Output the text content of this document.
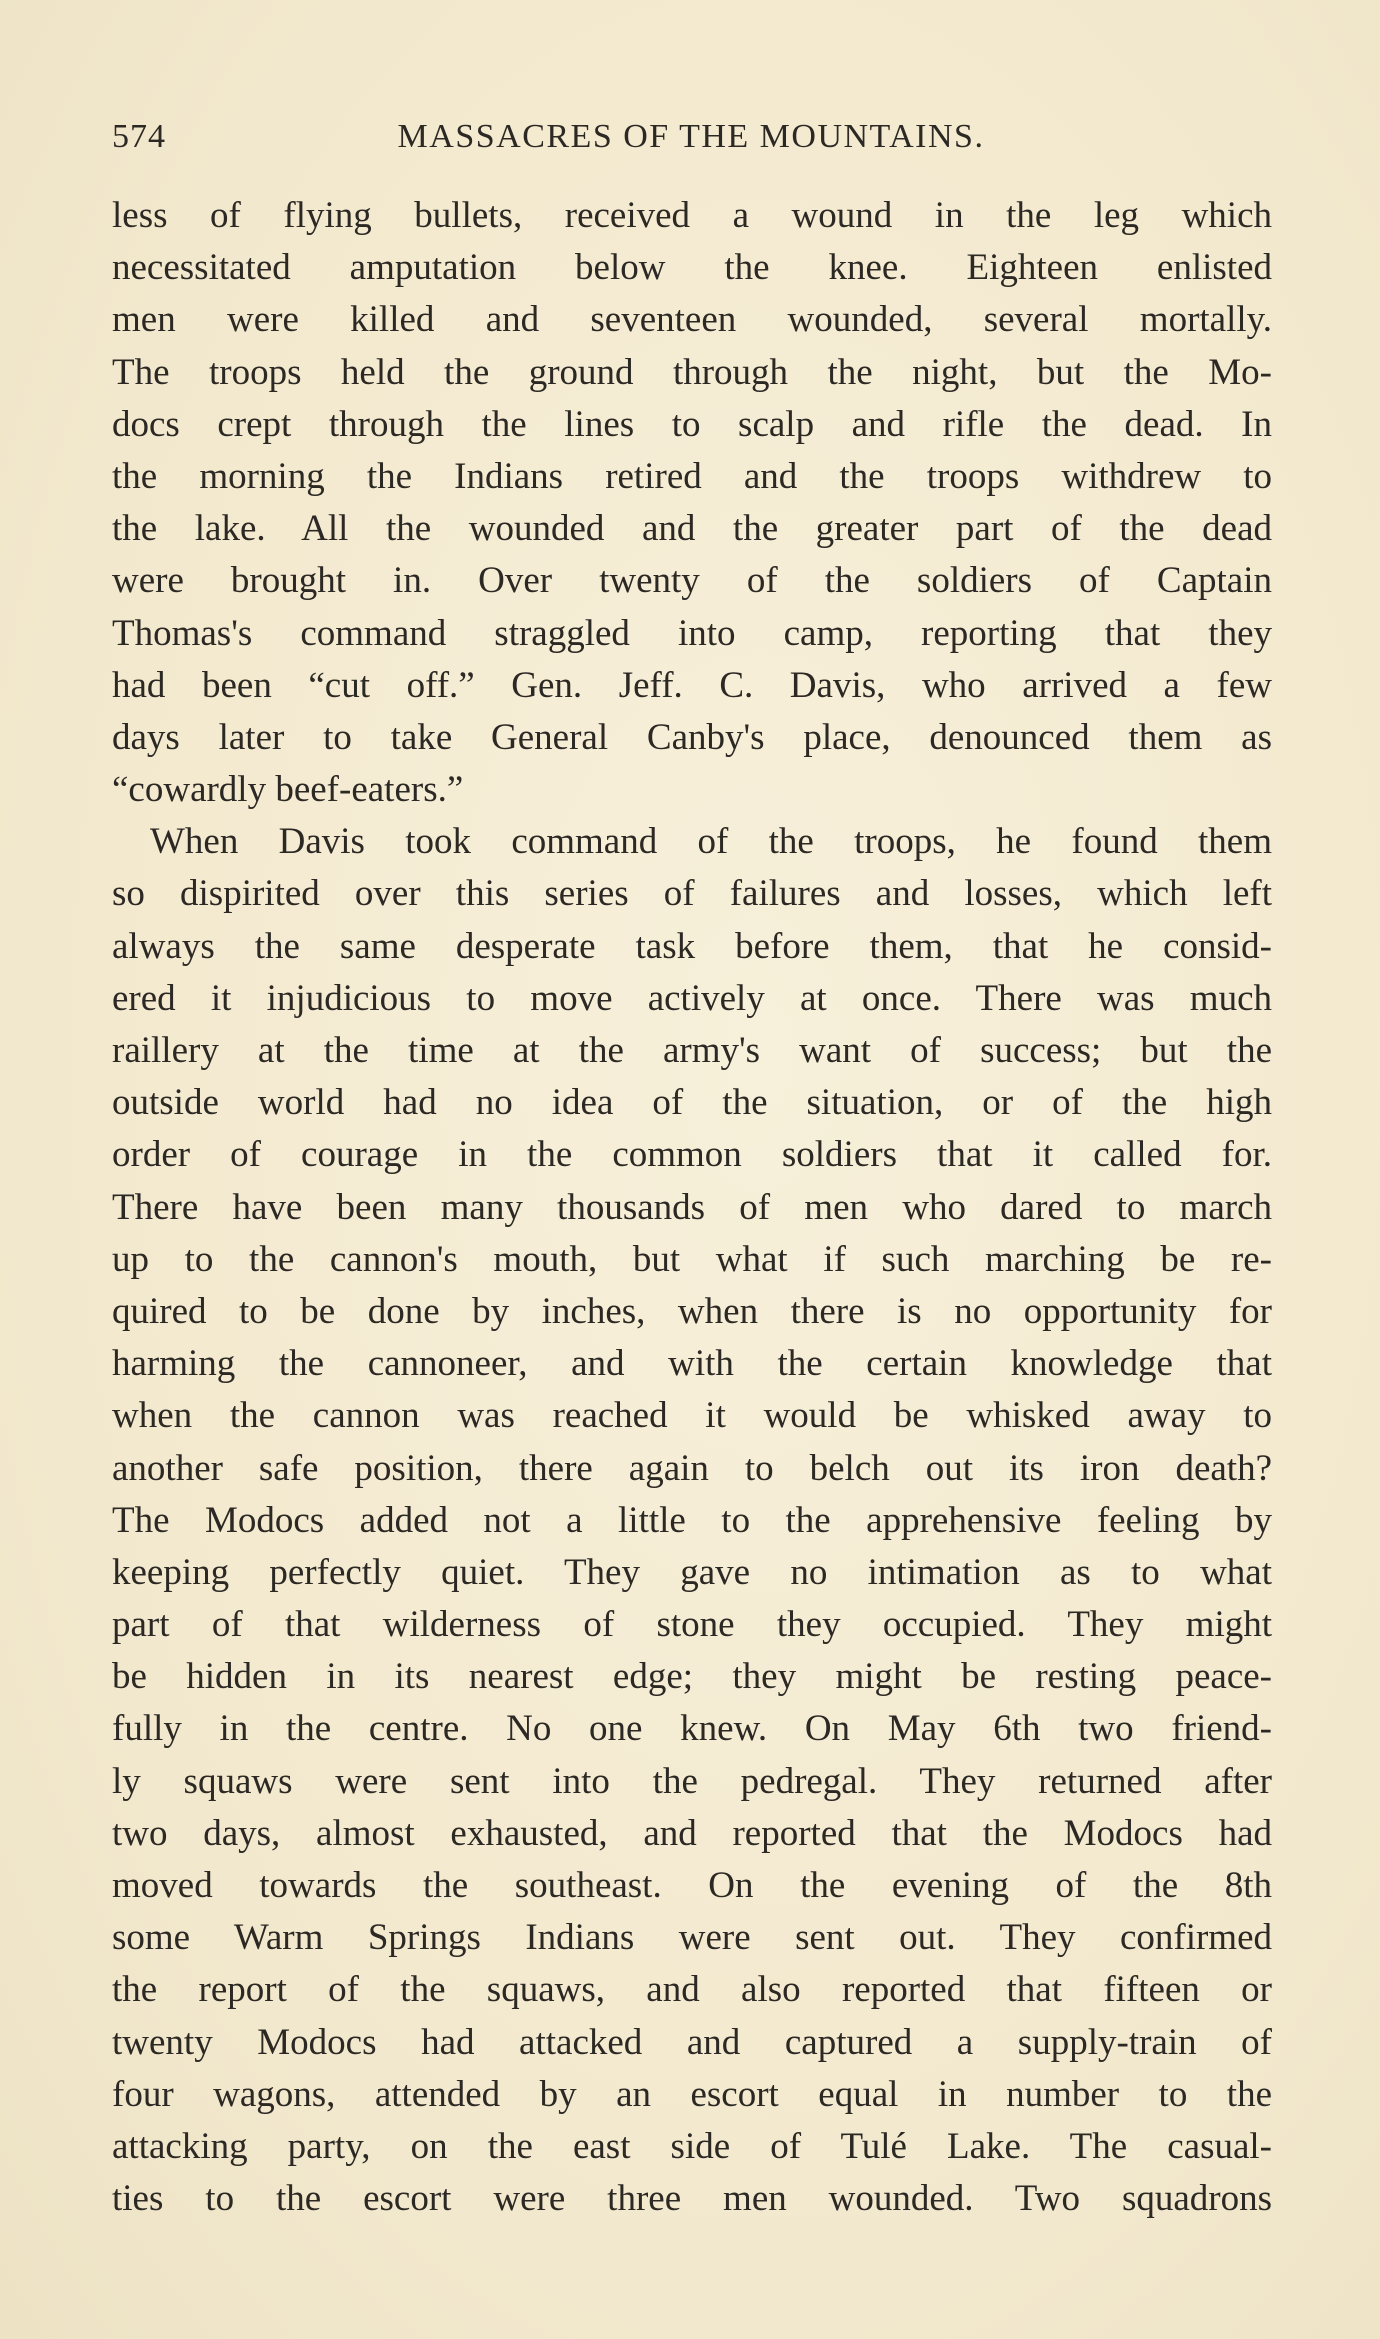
574	MASSACRES OF THE MOUNTAINS.
less of flying bullets, received a wound in the leg which
necessitated amputation below the knee. Eighteen enlisted
men were killed and seventeen wounded, several mortally.
The troops held the ground through the night, but the Mo-
docs crept through the lines to scalp and rifle the dead. In
the morning the Indians retired and the troops withdrew to
the lake. All the wounded and the greater part of the dead
were brought in. Over twenty of the soldiers of Captain
Thomas's command straggled into camp, reporting that they
had been “cut off.” Gen. Jeff. C. Davis, who arrived a few
days later to take General Canby's place, denounced them as
“cowardly beef-eaters.”
When Davis took command of the troops, he found them
so dispirited over this series of failures and losses, which left
always the same desperate task before them, that he consid-
ered it injudicious to move actively at once. There was much
raillery at the time at the army's want of success; but the
outside world had no idea of the situation, or of the high
order of courage in the common soldiers that it called for.
There have been many thousands of men who dared to march
up to the cannon's mouth, but what if such marching be re-
quired to be done by inches, when there is no opportunity for
harming the cannoneer, and with the certain knowledge that
when the cannon was reached it would be whisked away to
another safe position, there again to belch out its iron death?
The Modocs added not a little to the apprehensive feeling by
keeping perfectly quiet. They gave no intimation as to what
part of that wilderness of stone they occupied. They might
be hidden in its nearest edge; they might be resting peace-
fully in the centre. No one knew. On May 6th two friend-
ly squaws were sent into the pedregal. They returned after
two days, almost exhausted, and reported that the Modocs had
moved towards the southeast. On the evening of the 8th
some Warm Springs Indians were sent out. They confirmed
the report of the squaws, and also reported that fifteen or
twenty Modocs had attacked and captured a supply-train of
four wagons, attended by an escort equal in number to the
attacking party, on the east side of Tulé Lake. The casual-
ties to the escort were three men wounded. Two squadrons
